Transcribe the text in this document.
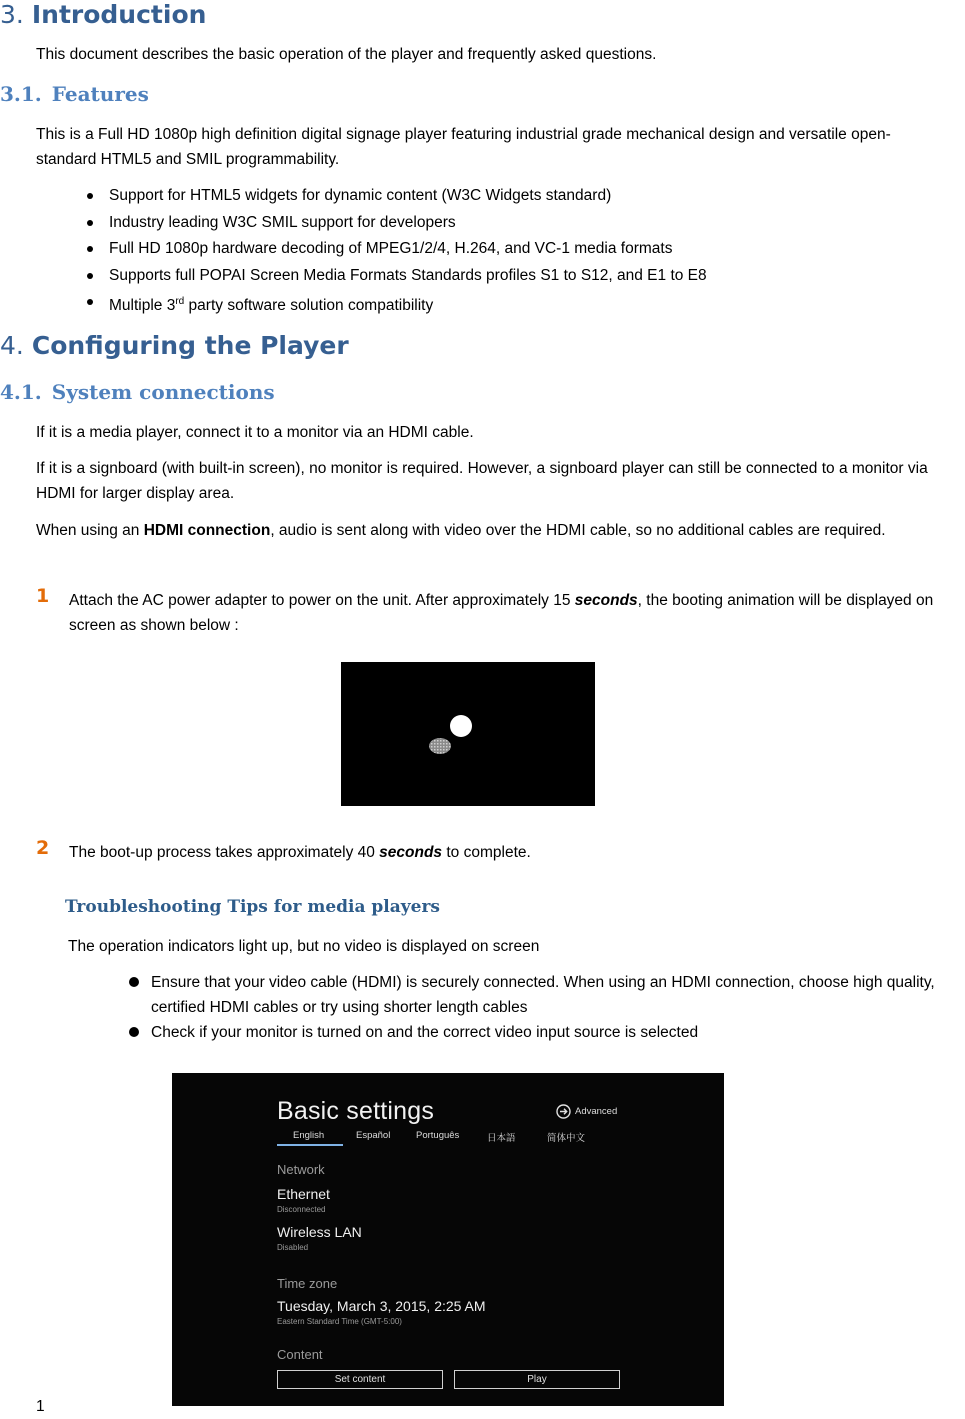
3. Introduction
This document describes the basic operation of the player and frequently asked questions.
3.1. Features
This is a Full HD 1080p high definition digital signage player featuring industrial grade mechanical design and versatile open-standard HTML5 and SMIL programmability.
Support for HTML5 widgets for dynamic content (W3C Widgets standard)
Industry leading W3C SMIL support for developers
Full HD 1080p hardware decoding of MPEG1/2/4, H.264, and VC-1 media formats
Supports full POPAI Screen Media Formats Standards profiles S1 to S12, and E1 to E8
Multiple 3rd party software solution compatibility
4. Configuring the Player
4.1. System connections
If it is a media player, connect it to a monitor via an HDMI cable.
If it is a signboard (with built-in screen), no monitor is required. However, a signboard player can still be connected to a monitor via HDMI for larger display area.
When using an HDMI connection, audio is sent along with video over the HDMI cable, so no additional cables are required.
1 Attach the AC power adapter to power on the unit. After approximately 15 seconds, the booting animation will be displayed on screen as shown below :
2 The boot-up process takes approximately 40 seconds to complete.
Troubleshooting Tips for media players
The operation indicators light up, but no video is displayed on screen
Ensure that your video cable (HDMI) is securely connected. When using an HDMI connection, choose high quality, certified HDMI cables or try using shorter length cables
Check if your monitor is turned on and the correct video input source is selected
Basic settings	Advanced
English	Español	Português	日本語	简体中文
Network
Ethernet
Disconnected
Wireless LAN
Disabled
Time zone
Tuesday, March 3, 2015, 2:25 AM
Eastern Standard Time (GMT-5:00)
Content
Set content	Play
1
